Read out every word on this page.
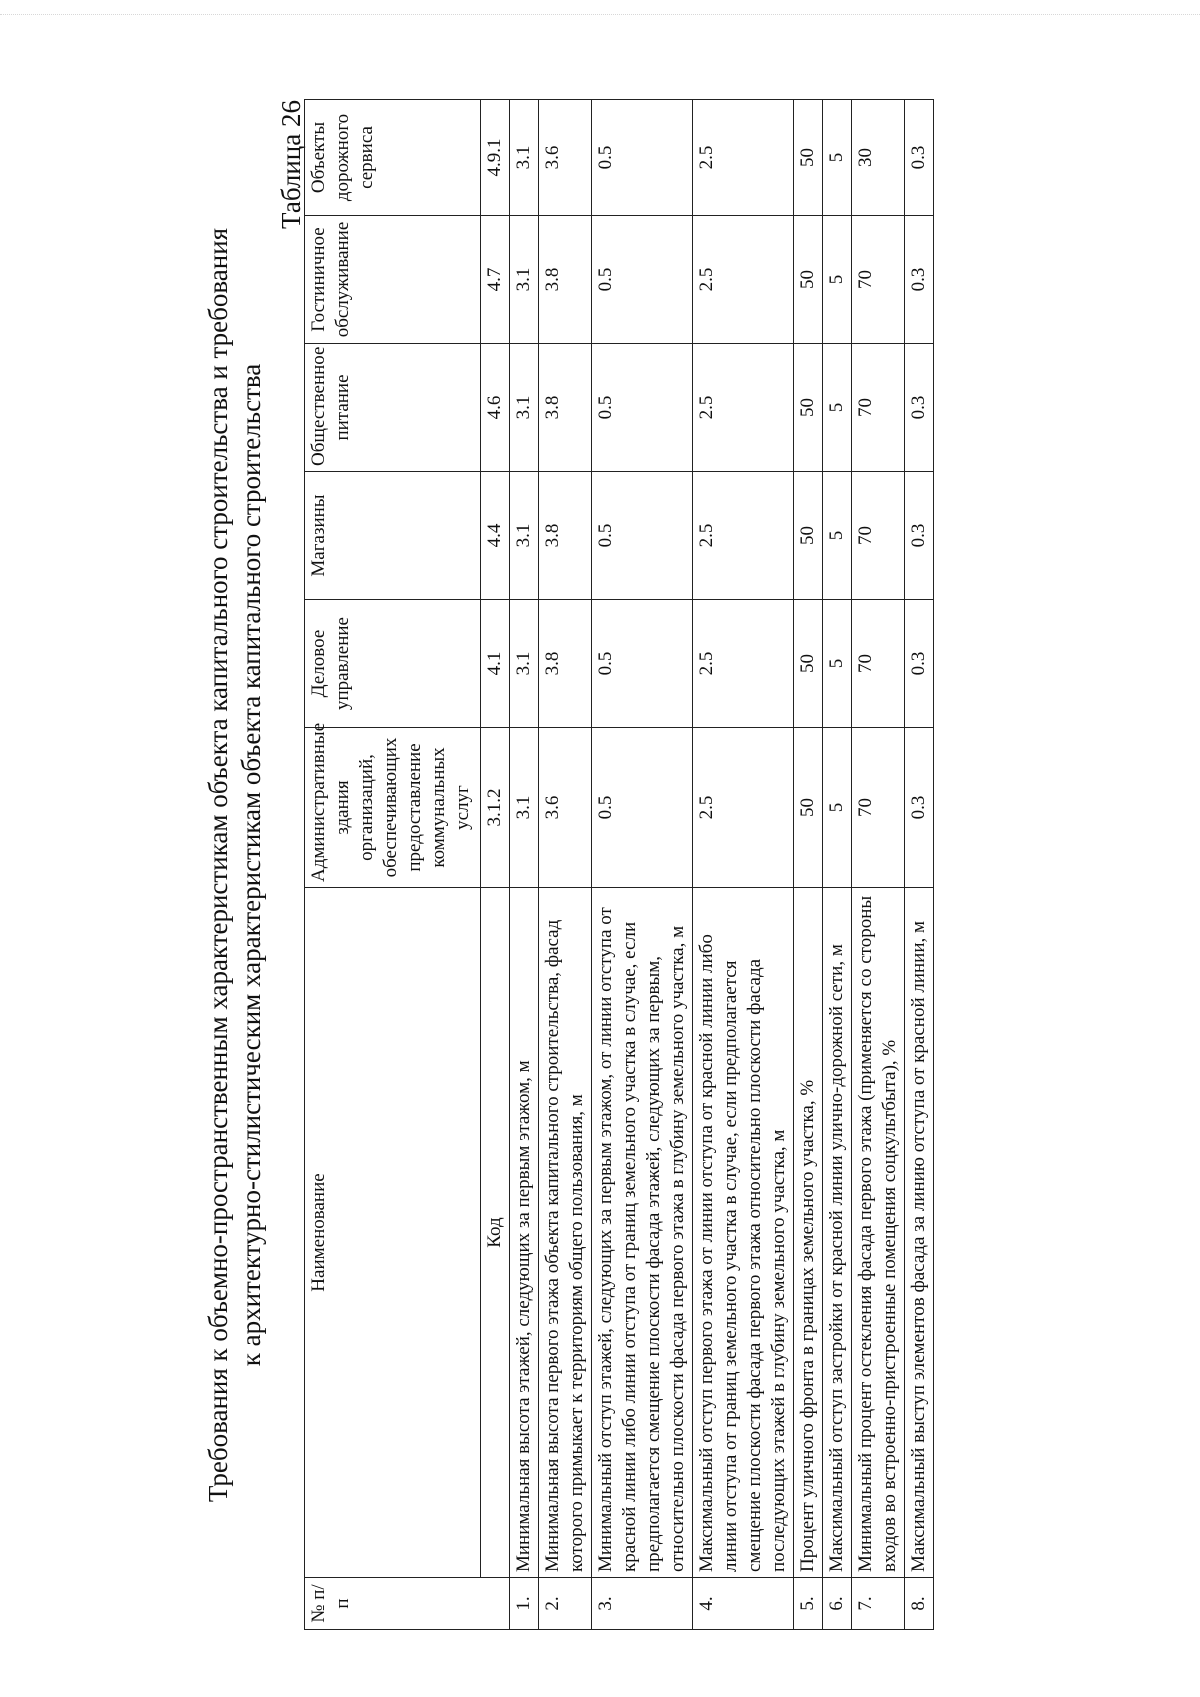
Требования к объемно-пространственным характеристикам объекта капитального строительства и требования к архитектурно-стилистическим характеристикам объекта капитального строительства
Таблица 26
№ п/п	Наименование	Административные здания организаций, обеспечивающих предоставление коммунальных услуг	Деловое управление	Магазины	Общественное питание	Гостиничное обслуживание	Объекты дорожного сервиса
	Код	3.1.2	4.1	4.4	4.6	4.7	4.9.1
1.	Минимальная высота этажей, следующих за первым этажом, м	3.1	3.1	3.1	3.1	3.1	3.1
2.	Минимальная высота первого этажа объекта капитального строительства, фасад которого примыкает к территориям общего пользования, м	3.6	3.8	3.8	3.8	3.8	3.6
3.	Минимальный отступ этажей, следующих за первым этажом, от линии отступа от красной линии либо линии отступа от границ земельного участка в случае, если предполагается смещение плоскости фасада этажей, следующих за первым, относительно плоскости фасада первого этажа в глубину земельного участка, м	0.5	0.5	0.5	0.5	0.5	0.5
4.	Максимальный отступ первого этажа от линии отступа от красной линии либо линии отступа от границ земельного участка в случае, если предполагается смещение плоскости фасада первого этажа относительно плоскости фасада последующих этажей в глубину земельного участка, м	2.5	2.5	2.5	2.5	2.5	2.5
5.	Процент уличного фронта в границах земельного участка, %	50	50	50	50	50	50
6.	Максимальный отступ застройки от красной линии улично-дорожной сети, м	5	5	5	5	5	5
7.	Минимальный процент остекления фасада первого этажа (применяется со стороны входов во встроенно-пристроенные помещения соцкультбыта), %	70	70	70	70	70	30
8.	Максимальный выступ элементов фасада за линию отступа от красной линии, м	0.3	0.3	0.3	0.3	0.3	0.3
